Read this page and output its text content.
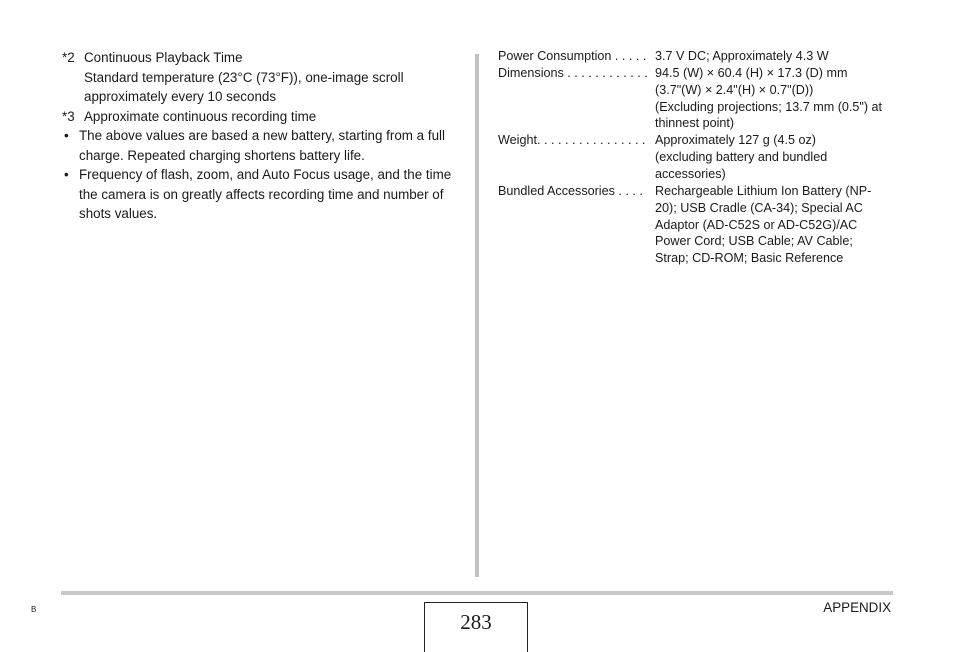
*2 Continuous Playback Time
Standard temperature (23°C (73°F)), one-image scroll approximately every 10 seconds
*3 Approximate continuous recording time
• The above values are based a new battery, starting from a full charge. Repeated charging shortens battery life.
• Frequency of flash, zoom, and Auto Focus usage, and the time the camera is on greatly affects recording time and number of shots values.
Power Consumption . . . . . 3.7 V DC; Approximately 4.3 W
Dimensions . . . . . . . . . . . . 94.5 (W) × 60.4 (H) × 17.3 (D) mm
(3.7"(W) × 2.4"(H) × 0.7"(D))
(Excluding projections; 13.7 mm (0.5") at
thinnest point)
Weight. . . . . . . . . . . . . . . . Approximately 127 g (4.5 oz)
(excluding battery and bundled
accessories)
Bundled Accessories . . . . Rechargeable Lithium Ion Battery (NP-
20); USB Cradle (CA-34); Special AC
Adaptor (AD-C52S or AD-C52G)/AC
Power Cord; USB Cable; AV Cable;
Strap; CD-ROM; Basic Reference
B
283
APPENDIX
